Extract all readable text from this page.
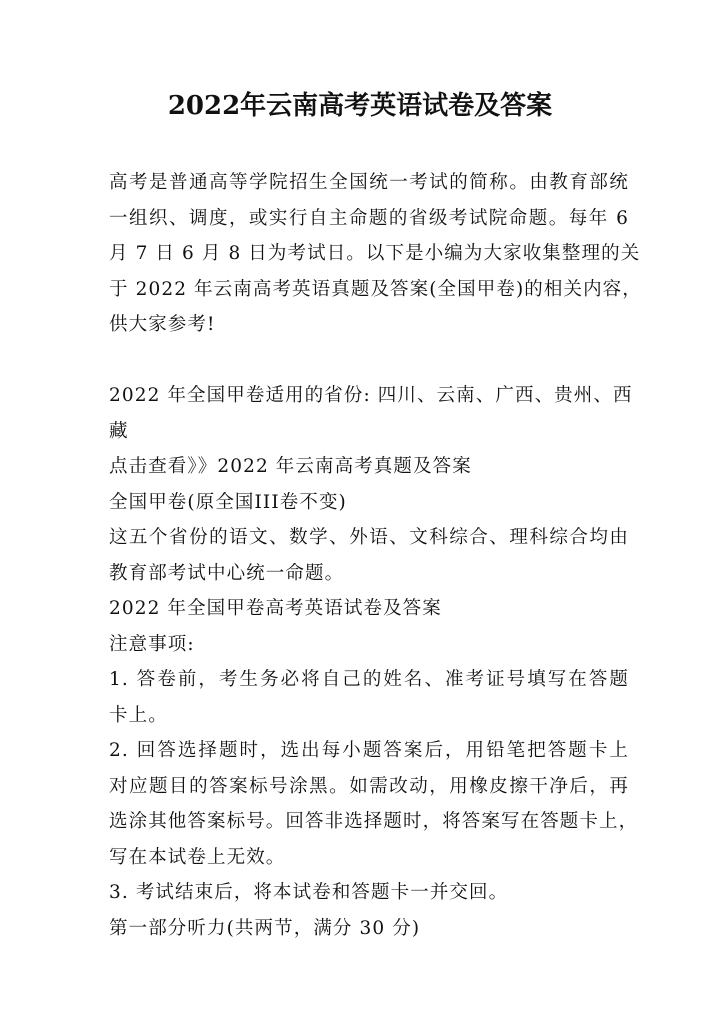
2022年云南高考英语试卷及答案

高考是普通高等学院招生全国统一考试的简称。由教育部统
一组织、调度，或实行自主命题的省级考试院命题。每年 6
月 7 日 6 月 8 日为考试日。以下是小编为大家收集整理的关
于 2022 年云南高考英语真题及答案(全国甲卷)的相关内容，
供大家参考!

2022 年全国甲卷适用的省份: 四川、云南、广西、贵州、西
藏

点击查看》》2022 年云南高考真题及答案

全国甲卷(原全国III卷不变)

这五个省份的语文、数学、外语、文科综合、理科综合均由
教育部考试中心统一命题。

2022 年全国甲卷高考英语试卷及答案

注意事项:

1. 答卷前，考生务必将自己的姓名、准考证号填写在答题
卡上。

2. 回答选择题时，选出每小题答案后，用铅笔把答题卡上
对应题目的答案标号涂黑。如需改动，用橡皮擦干净后，再
选涂其他答案标号。回答非选择题时，将答案写在答题卡上，
写在本试卷上无效。

3. 考试结束后，将本试卷和答题卡一并交回。

第一部分听力(共两节，满分 30 分)
